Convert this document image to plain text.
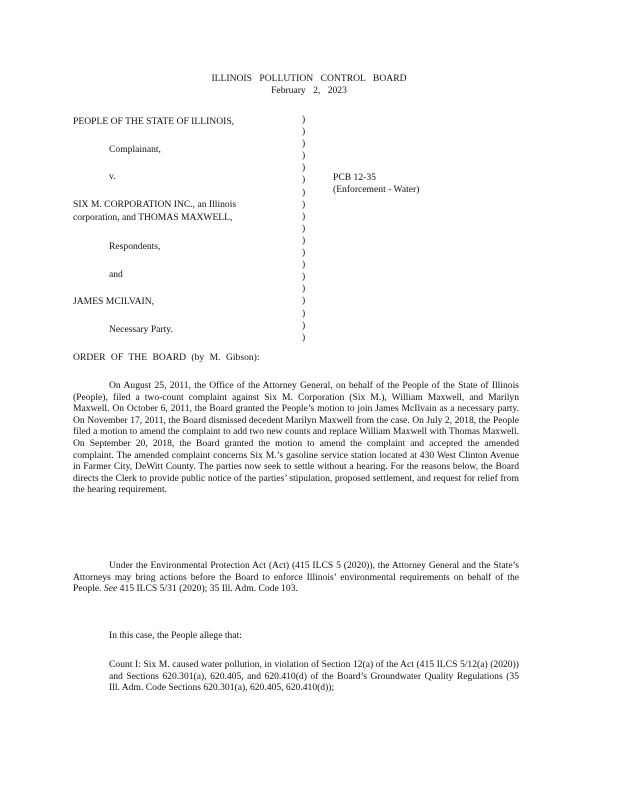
ILLINOIS POLLUTION CONTROL BOARD
February 2, 2023
PEOPLE OF THE STATE OF ILLINOIS,
Complainant,
v.
SIX M. CORPORATION INC., an Illinois
corporation, and THOMAS MAXWELL,
Respondents,
and
JAMES MCILVAIN,
Necessary Party.
)
)
)
)
)
)
)
)
)
)
)
)
)
)
)
)
)
)
)
PCB 12-35
(Enforcement - Water)
ORDER OF THE BOARD (by M. Gibson):

On August 25, 2011, the Office of the Attorney General, on behalf of the People of the State of Illinois (People), filed a two-count complaint against Six M. Corporation (Six M.), William Maxwell, and Marilyn Maxwell. On October 6, 2011, the Board granted the People’s motion to join James McIlvain as a necessary party. On November 17, 2011, the Board dismissed decedent Marilyn Maxwell from the case. On July 2, 2018, the People filed a motion to amend the complaint to add two new counts and replace William Maxwell with Thomas Maxwell. On September 20, 2018, the Board granted the motion to amend the complaint and accepted the amended complaint. The amended complaint concerns Six M.’s gasoline service station located at 430 West Clinton Avenue in Farmer City, DeWitt County. The parties now seek to settle without a hearing. For the reasons below, the Board directs the Clerk to provide public notice of the parties’ stipulation, proposed settlement, and request for relief from the hearing requirement.

Under the Environmental Protection Act (Act) (415 ILCS 5 (2020)), the Attorney General and the State’s Attorneys may bring actions before the Board to enforce Illinois’ environmental requirements on behalf of the People. See 415 ILCS 5/31 (2020); 35 Ill. Adm. Code 103.

In this case, the People allege that:

Count I: Six M. caused water pollution, in violation of Section 12(a) of the Act (415 ILCS 5/12(a) (2020)) and Sections 620.301(a), 620.405, and 620.410(d) of the Board’s Groundwater Quality Regulations (35 Ill. Adm. Code Sections 620.301(a), 620.405, 620.410(d));
